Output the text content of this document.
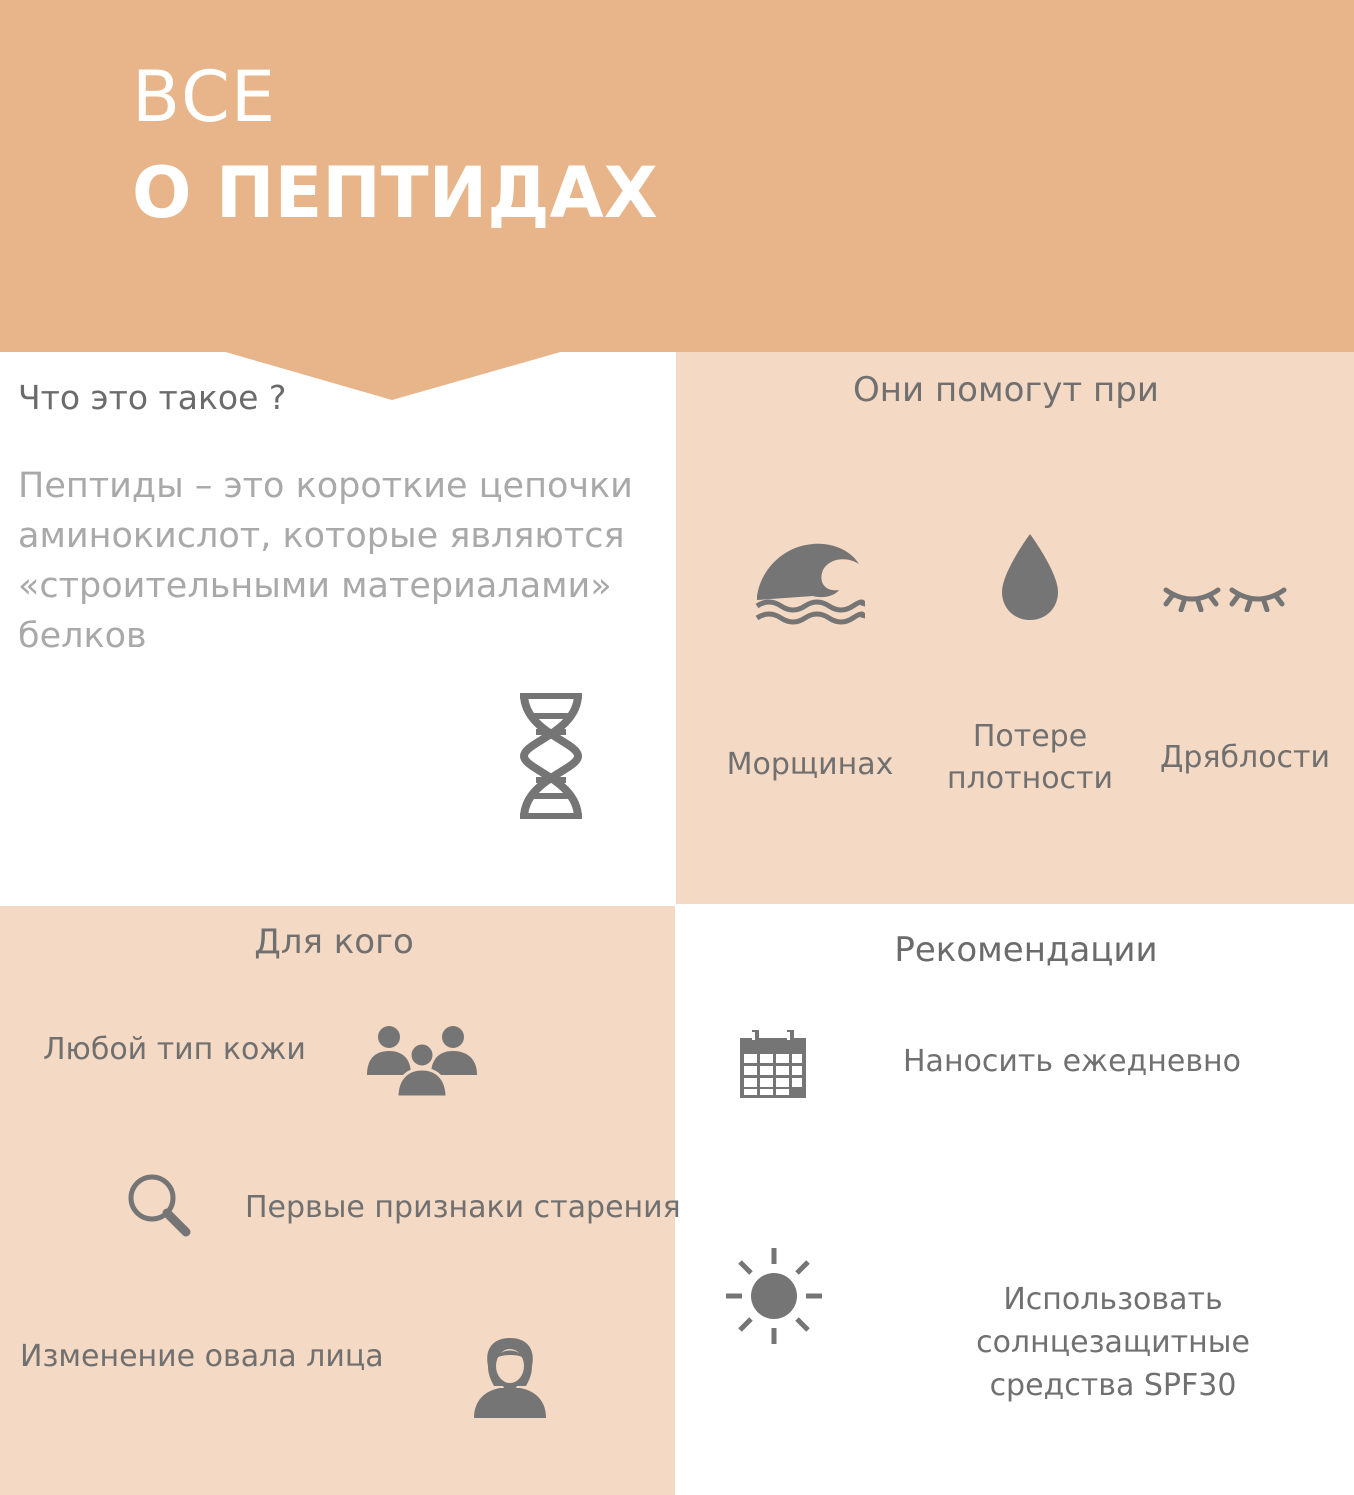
ВСЕ
О ПЕПТИДАХ
Что это такое ?
Пептиды – это короткие цепочки
аминокислот, которые являются
«строительными материалами»
белков
Они помогут при
Морщинах
Потере плотности
Дряблости
Для кого
Любой тип кожи
Первые признаки старения
Изменение овала лица
Рекомендации
Наносить ежедневно
Использовать солнцезащитные средства SPF30
